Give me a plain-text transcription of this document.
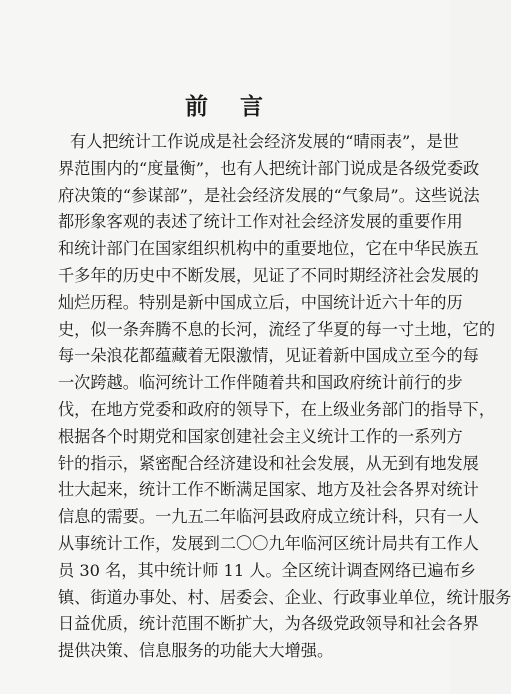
前 言
有人把统计工作说成是社会经济发展的“晴雨表”，是世
界范围内的“度量衡”，也有人把统计部门说成是各级党委政
府决策的“参谋部”，是社会经济发展的“气象局”。这些说法
都形象客观的表述了统计工作对社会经济发展的重要作用
和统计部门在国家组织机构中的重要地位，它在中华民族五
千多年的历史中不断发展，见证了不同时期经济社会发展的
灿烂历程。特别是新中国成立后，中国统计近六十年的历
史，似一条奔腾不息的长河，流经了华夏的每一寸土地，它的
每一朵浪花都蕴藏着无限激情，见证着新中国成立至今的每
一次跨越。临河统计工作伴随着共和国政府统计前行的步
伐，在地方党委和政府的领导下，在上级业务部门的指导下，
根据各个时期党和国家创建社会主义统计工作的一系列方
针的指示，紧密配合经济建设和社会发展，从无到有地发展
壮大起来，统计工作不断满足国家、地方及社会各界对统计
信息的需要。一九五二年临河县政府成立统计科，只有一人
从事统计工作，发展到二〇〇九年临河区统计局共有工作人
员 30 名，其中统计师 11 人。全区统计调查网络已遍布乡
镇、街道办事处、村、居委会、企业、行政事业单位，统计服务
日益优质，统计范围不断扩大，为各级党政领导和社会各界
提供决策、信息服务的功能大大增强。
